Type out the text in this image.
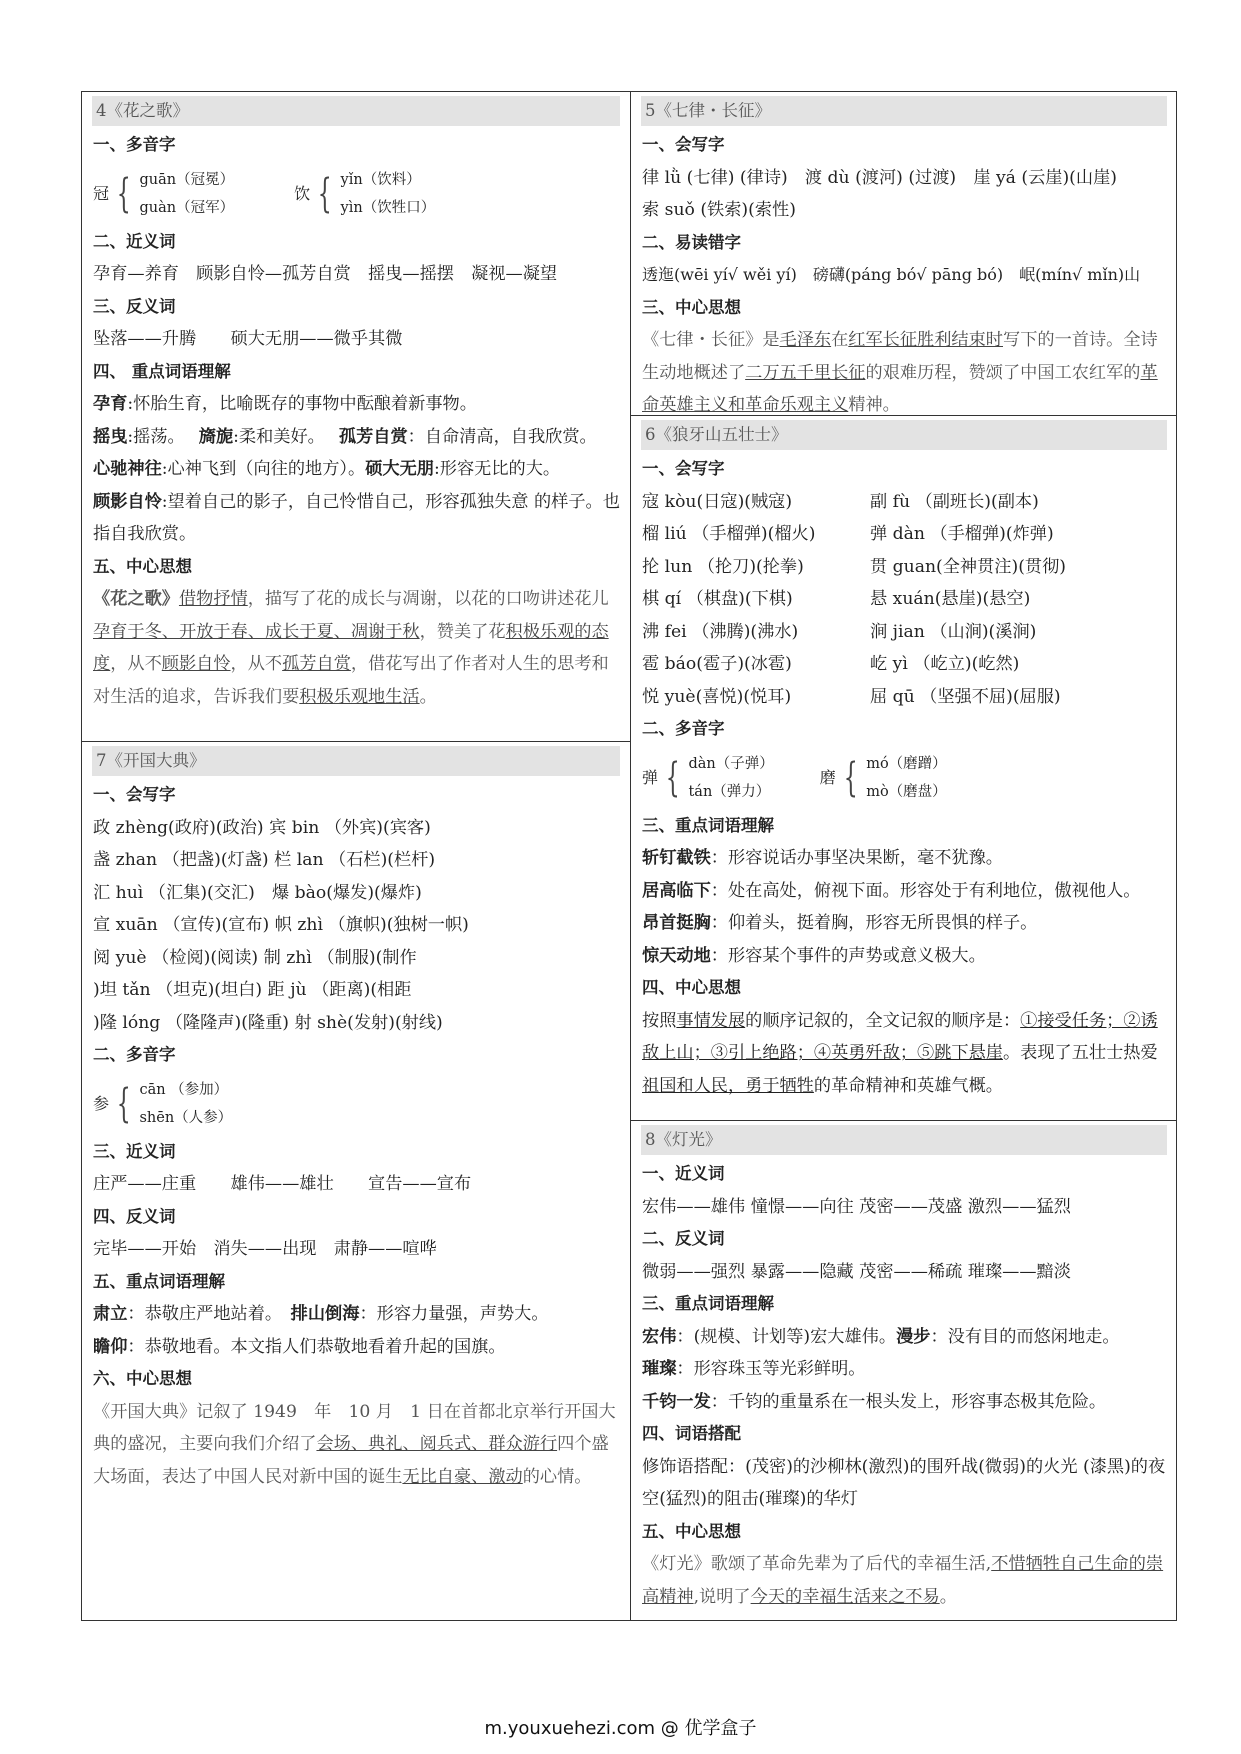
4《花之歌》

一、多音字

冠 { guān（冠冕）
guàn（冠军）
饮 { yǐn（饮料）
yìn（饮牲口）

二、近义词

孕育—养育　顾影自怜—孤芳自赏　摇曳—摇摆　凝视—凝望

三、反义词

坠落——升腾　　硕大无朋——微乎其微

四、 重点词语理解

孕育:怀胎生育，比喻既存的事物中酝酿着新事物。

摇曳:摇荡。 旖旎:柔和美好。 孤芳自赏：自命清高，自我欣赏。

心驰神往:心神飞到（向往的地方）。硕大无朋:形容无比的大。

顾影自怜:望着自己的影子，自己怜惜自己，形容孤独失意 的样子。也指自我欣赏。

五、中心思想

《花之歌》借物抒情，描写了花的成长与凋谢，以花的口吻讲述花儿孕育于冬、开放于春、成长于夏、凋谢于秋，赞美了花积极乐观的态度，从不顾影自怜，从不孤芳自赏，借花写出了作者对人生的思考和对生活的追求，告诉我们要积极乐观地生活。

7《开国大典》

一、会写字

政 zhèng(政府)(政治) 宾 bin （外宾)(宾客)

盏 zhan （把盏)(灯盏) 栏 lan （石栏)(栏杆)

汇 huì （汇集)(交汇)　爆 bào(爆发)(爆炸)

宣 xuān （宣传)(宣布) 帜 zhì （旗帜)(独树一帜)

阅 yuè （检阅)(阅读) 制 zhì （制服)(制作

)坦 tǎn （坦克)(坦白) 距 jù （距离)(相距

)隆 lóng （隆隆声)(隆重) 射 shè(发射)(射线)

二、多音字

参 { cān （参加）
shēn（人参）

三、近义词

庄严——庄重　　雄伟——雄壮　　宣告——宣布

四、反义词

完毕——开始　消失——出现　肃静——喧哗

五、重点词语理解

肃立：恭敬庄严地站着。　排山倒海：形容力量强，声势大。

瞻仰：恭敬地看。本文指人们恭敬地看着升起的国旗。

六、中心思想

《开国大典》记叙了 1949　年　10 月　1 日在首都北京举行开国大典的盛况，主要向我们介绍了会场、典礼、阅兵式、群众游行四个盛大场面，表达了中国人民对新中国的诞生无比自豪、激动的心情。

5《七律・长征》

一、会写字

律 lǜ (七律) (律诗)　渡 dù (渡河) (过渡)　崖 yá (云崖)(山崖)

索 suǒ (铁索)(索性)

二、易读错字

透迤(wēi yí√ wěi yí)　磅礴(páng bó√ pāng bó)　岷(mín√ mǐn)山

三、中心思想

《七律・长征》是毛泽东在红军长征胜利结束时写下的一首诗。全诗生动地概述了二万五千里长征的艰难历程，赞颂了中国工农红军的革命英雄主义和革命乐观主义精神。

6《狼牙山五壮士》

一、会写字

寇 kòu(日寇)(贼寇)	副 fù （副班长)(副本)

榴 liú （手榴弹)(榴火)	弹 dàn （手榴弹)(炸弹)

抡 lun （抡刀)(抡拳)	贯 guan(全神贯注)(贯彻)

棋 qí （棋盘)(下棋)	悬 xuán(悬崖)(悬空)

沸 fei （沸腾)(沸水)	涧 jian （山涧)(溪涧)

雹 báo(雹子)(冰雹)	屹 yì （屹立)(屹然)

悦 yuè(喜悦)(悦耳)	屈 qū （坚强不屈)(屈服)

二、多音字

弹 { dàn（子弹）
tán（弹力）
磨 { mó（磨蹭）
mò（磨盘）

三、重点词语理解

斩钉截铁：形容说话办事坚决果断，毫不犹豫。

居高临下：处在高处，俯视下面。形容处于有利地位，傲视他人。

昂首挺胸：仰着头，挺着胸，形容无所畏惧的样子。

惊天动地：形容某个事件的声势或意义极大。

四、中心思想

按照事情发展的顺序记叙的，全文记叙的顺序是：①接受任务；②诱敌上山；③引上绝路；④英勇歼敌；⑤跳下悬崖。表现了五壮士热爱祖国和人民，勇于牺牲的革命精神和英雄气概。

8《灯光》

一、近义词

宏伟——雄伟 憧憬——向往 茂密——茂盛 激烈——猛烈

二、反义词

微弱——强烈 暴露——隐藏 茂密——稀疏 璀璨——黯淡

三、重点词语理解

宏伟：(规模、计划等)宏大雄伟。漫步：没有目的而悠闲地走。

璀璨：形容珠玉等光彩鲜明。

千钧一发：千钧的重量系在一根头发上，形容事态极其危险。

四、词语搭配

修饰语搭配：(茂密)的沙柳林(激烈)的围歼战(微弱)的火光 (漆黑)的夜空(猛烈)的阻击(璀璨)的华灯

五、中心思想

《灯光》歌颂了革命先辈为了后代的幸福生活,不惜牺牲自己生命的崇高精神,说明了今天的幸福生活来之不易。

m.youxuehezi.com @ 优学盒子
